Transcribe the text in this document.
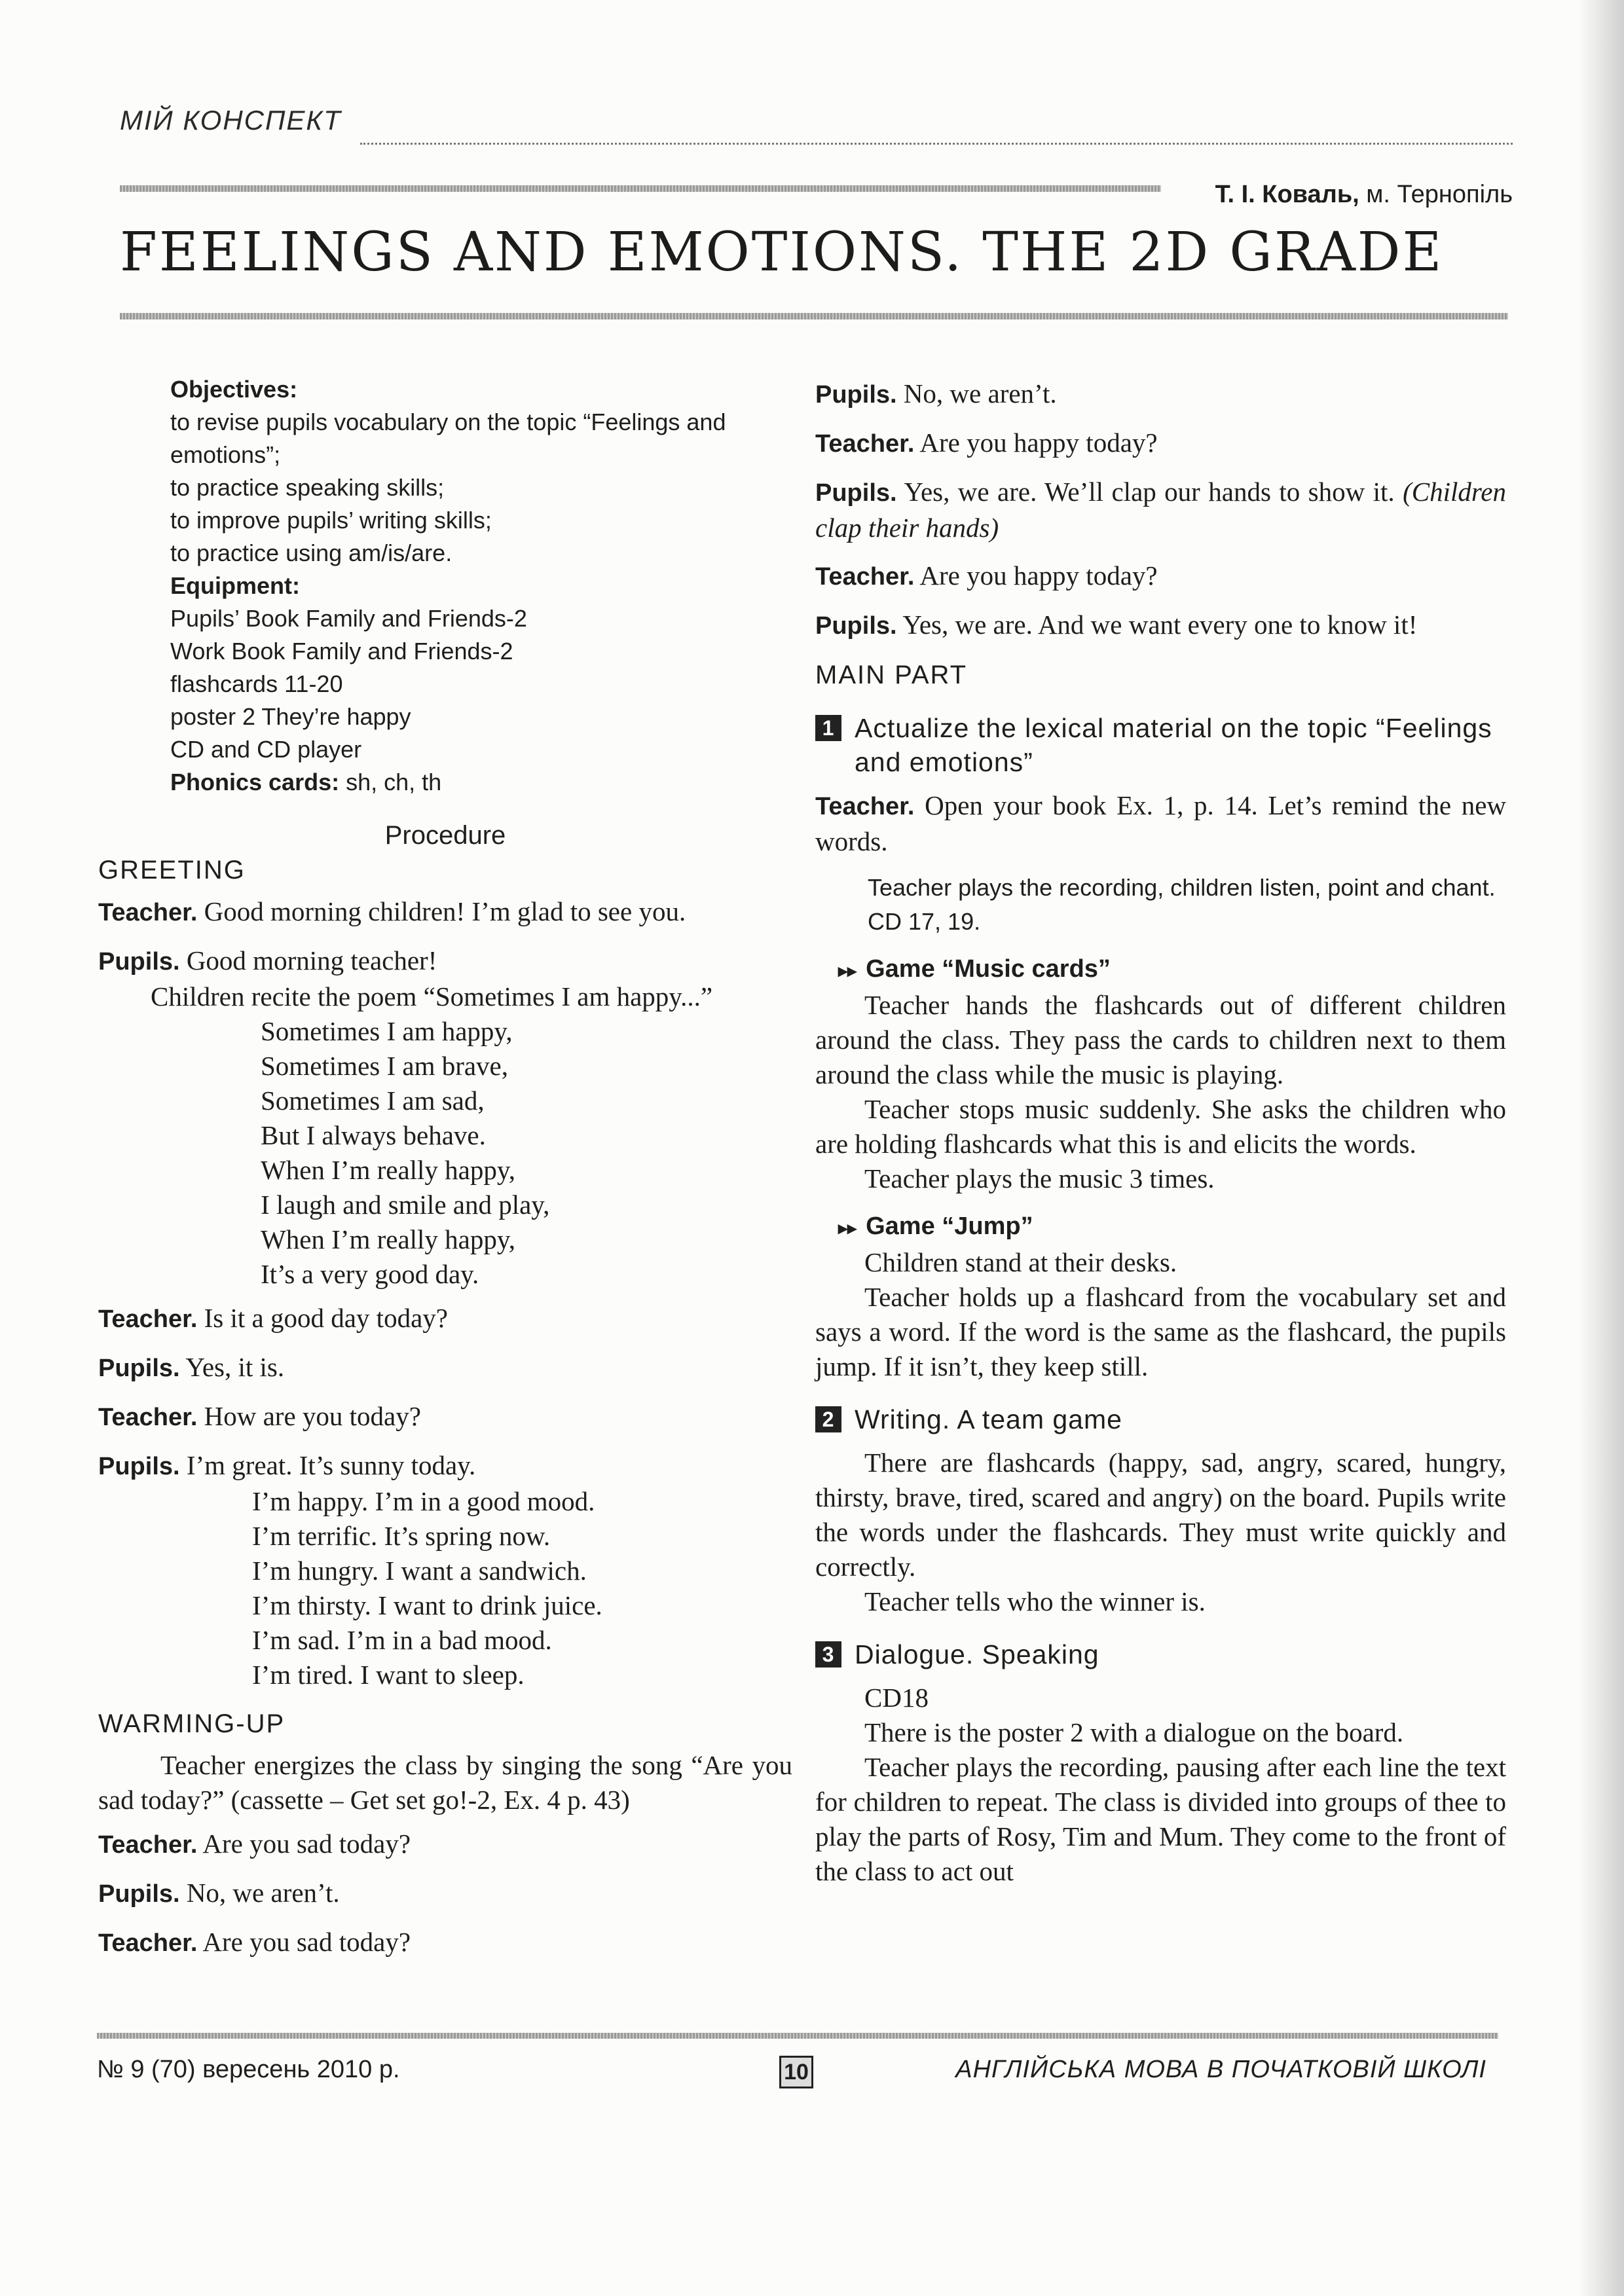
МІЙ КОНСПЕКТ
Т. І. Коваль, м. Тернопіль
FEELINGS AND EMOTIONS. THE 2D GRADE
Objectives:
to revise pupils vocabulary on the topic “Feelings and emotions”;
to practice speaking skills;
to improve pupils’ writing skills;
to practice using am/is/are.
Equipment:
Pupils’ Book Family and Friends-2
Work Book Family and Friends-2
flashcards 11-20
poster 2 They’re happy
CD and CD player
Phonics cards: sh, ch, th
Procedure
GREETING
Teacher. Good morning children! I’m glad to see you.
Pupils. Good morning teacher!
Children recite the poem “Sometimes I am happy...”
Sometimes I am happy,
Sometimes I am brave,
Sometimes I am sad,
But I always behave.
When I’m really happy,
I laugh and smile and play,
When I’m really happy,
It’s a very good day.
Teacher. Is it a good day today?
Pupils. Yes, it is.
Teacher. How are you today?
Pupils. I’m great. It’s sunny today.
I’m happy. I’m in a good mood.
I’m terrific. It’s spring now.
I’m hungry. I want a sandwich.
I’m thirsty. I want to drink juice.
I’m sad. I’m in a bad mood.
I’m tired. I want to sleep.
WARMING-UP
Teacher energizes the class by singing the song “Are you sad today?” (cassette – Get set go!-2, Ex. 4 p. 43)
Teacher. Are you sad today?
Pupils. No, we aren’t.
Teacher. Are you sad today?
Pupils. No, we aren’t.
Teacher. Are you happy today?
Pupils. Yes, we are. We’ll clap our hands to show it. (Children clap their hands)
Teacher. Are you happy today?
Pupils. Yes, we are. And we want every one to know it!
MAIN PART
1 Actualize the lexical material on the topic “Feelings and emotions”
Teacher. Open your book Ex. 1, p. 14. Let’s remind the new words.
Teacher plays the recording, children listen, point and chant. CD 17, 19.
▸▸ Game “Music cards”
Teacher hands the flashcards out of different children around the class. They pass the cards to children next to them around the class while the music is playing.
Teacher stops music suddenly. She asks the children who are holding flashcards what this is and elicits the words.
Teacher plays the music 3 times.
▸▸ Game “Jump”
Children stand at their desks.
Teacher holds up a flashcard from the vocabulary set and says a word. If the word is the same as the flashcard, the pupils jump. If it isn’t, they keep still.
2 Writing. A team game
There are flashcards (happy, sad, angry, scared, hungry, thirsty, brave, tired, scared and angry) on the board. Pupils write the words under the flashcards. They must write quickly and correctly.
Teacher tells who the winner is.
3 Dialogue. Speaking
CD18
There is the poster 2 with a dialogue on the board.
Teacher plays the recording, pausing after each line the text for children to repeat. The class is divided into groups of thee to play the parts of Rosy, Tim and Mum. They come to the front of the class to act out
№ 9 (70) вересень 2010 р.	10	АНГЛІЙСЬКА МОВА В ПОЧАТКОВІЙ ШКОЛІ
